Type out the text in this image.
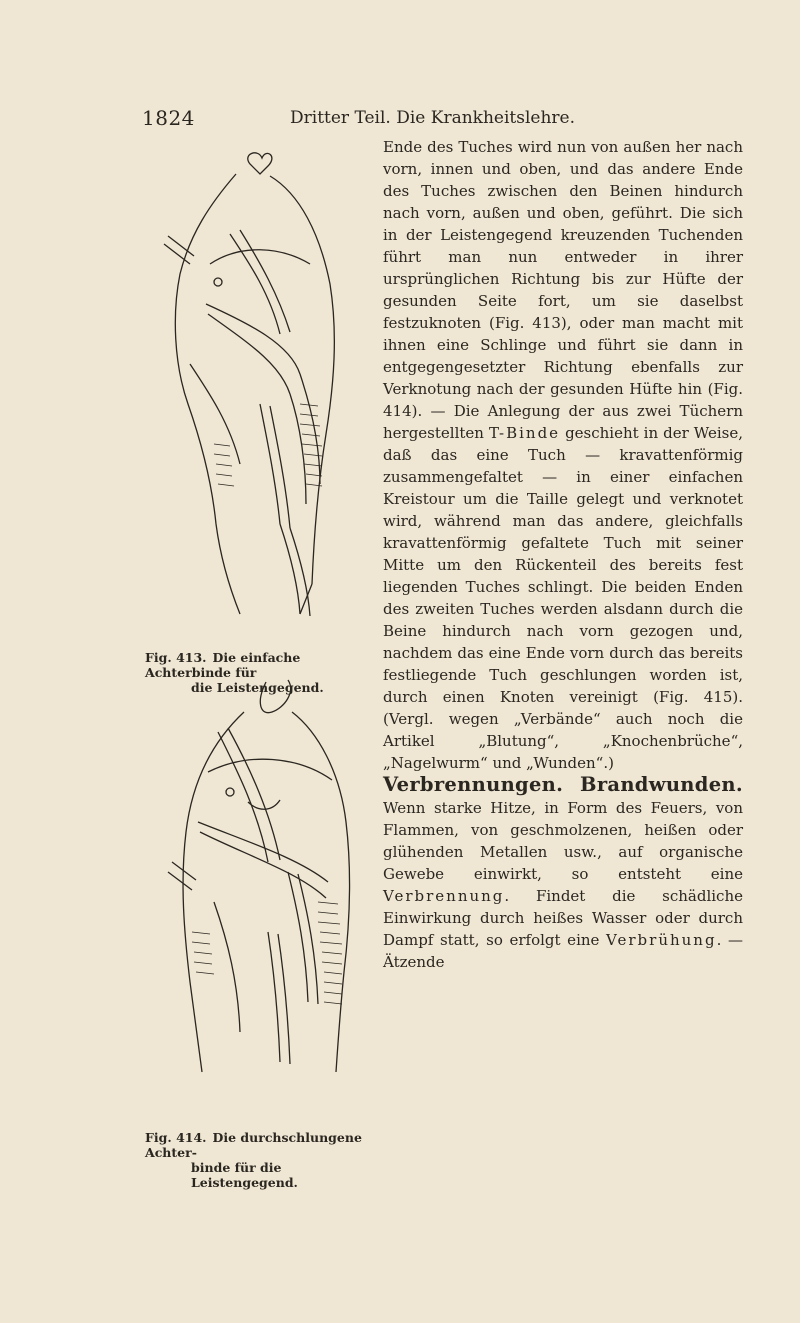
1824	Dritter Teil. Die Krankheitslehre.
Fig. 413. Die einfache Achterbinde für
die Leistengegend.
Fig. 414. Die durchschlungene Achter-
binde für die Leistengegend.

Ende des Tuches wird nun von außen her nach vorn, innen und oben, und das andere Ende des Tuches zwischen den Beinen hindurch nach vorn, außen und oben, geführt. Die sich in der Leistengegend kreuzenden Tuchenden führt man nun entweder in ihrer ursprünglichen Richtung bis zur Hüfte der gesunden Seite fort, um sie daselbst festzuknoten (Fig. 413), oder man macht mit ihnen eine Schlinge und führt sie dann in entgegengesetzter Richtung ebenfalls zur Verknotung nach der gesunden Hüfte hin (Fig. 414). — Die Anlegung der aus zwei Tüchern hergestellten T-Binde geschieht in der Weise, daß das eine Tuch — kravattenförmig zusammengefaltet — in einer einfachen Kreistour um die Taille gelegt und verknotet wird, während man das andere, gleichfalls kravattenförmig gefaltete Tuch mit seiner Mitte um den Rückenteil des bereits fest liegenden Tuches schlingt. Die beiden Enden des zweiten Tuches werden alsdann durch die Beine hindurch nach vorn gezogen und, nachdem das eine Ende vorn durch das bereits festliegende Tuch geschlungen worden ist, durch einen Knoten vereinigt (Fig. 415). (Vergl. wegen „Verbände“ auch noch die Artikel „Blutung“, „Knochenbrüche“, „Nagelwurm“ und „Wunden“.)

Verbrennungen. Brandwunden. Wenn starke Hitze, in Form des Feuers, von Flammen, von geschmolzenen, heißen oder glühenden Metallen usw., auf organische Gewebe einwirkt, so entsteht eine Verbrennung. Findet die schädliche Einwirkung durch heißes Wasser oder durch Dampf statt, so erfolgt eine Verbrühung. — Ätzende
